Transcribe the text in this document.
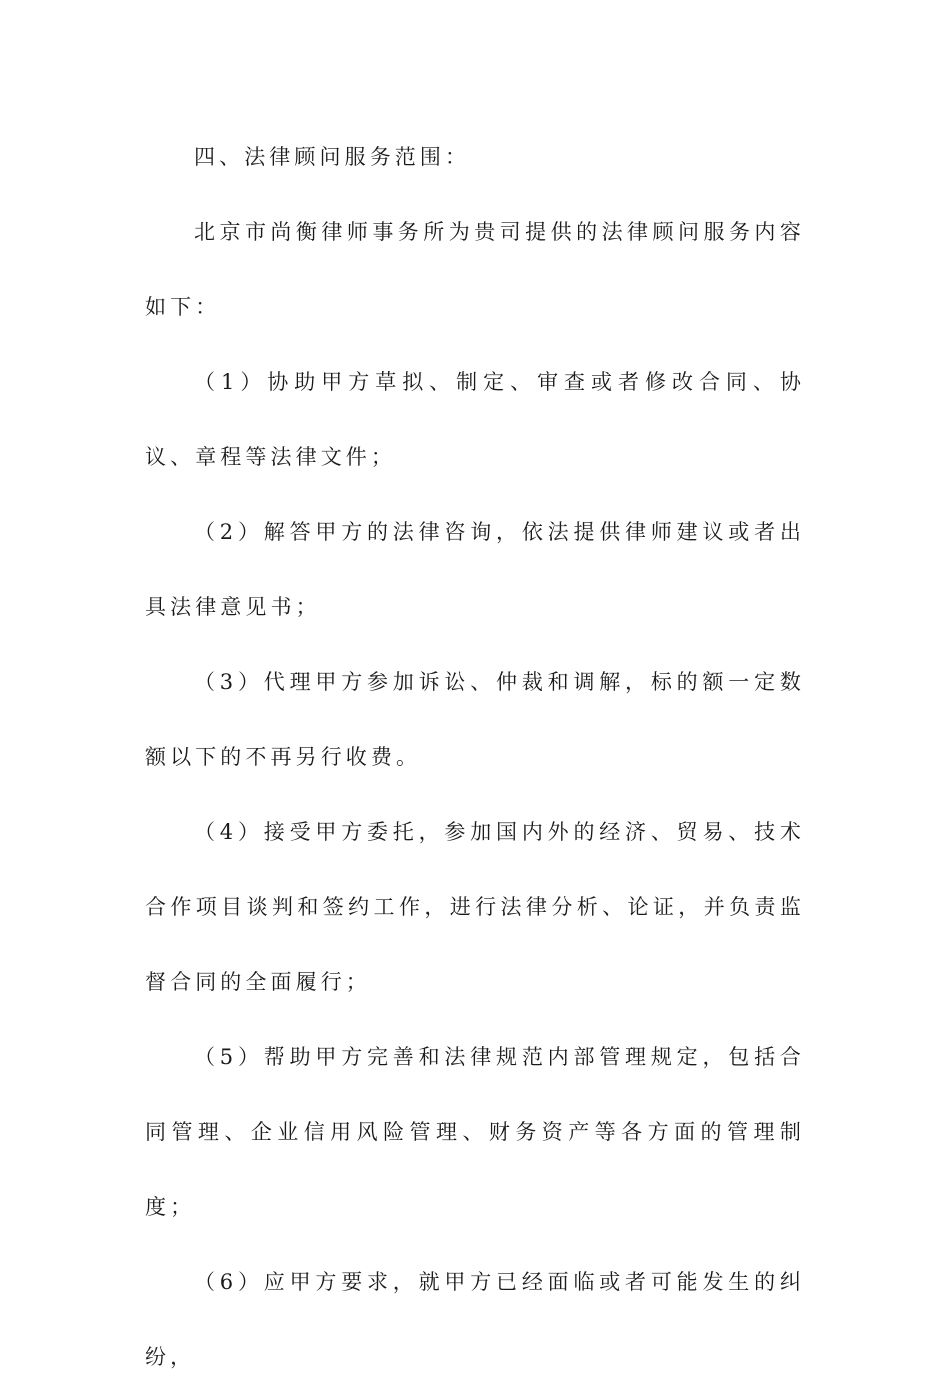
四、法律顾问服务范围：

北京市尚衡律师事务所为贵司提供的法律顾问服务内容如下：

（1）协助甲方草拟、制定、审查或者修改合同、协议、章程等法律文件；

（2）解答甲方的法律咨询，依法提供律师建议或者出具法律意见书；

（3）代理甲方参加诉讼、仲裁和调解，标的额一定数额以下的不再另行收费。

（4）接受甲方委托，参加国内外的经济、贸易、技术合作项目谈判和签约工作，进行法律分析、论证，并负责监督合同的全面履行；

（5）帮助甲方完善和法律规范内部管理规定，包括合同管理、企业信用风险管理、财务资产等各方面的管理制度；

（6）应甲方要求，就甲方已经面临或者可能发生的纠纷，
